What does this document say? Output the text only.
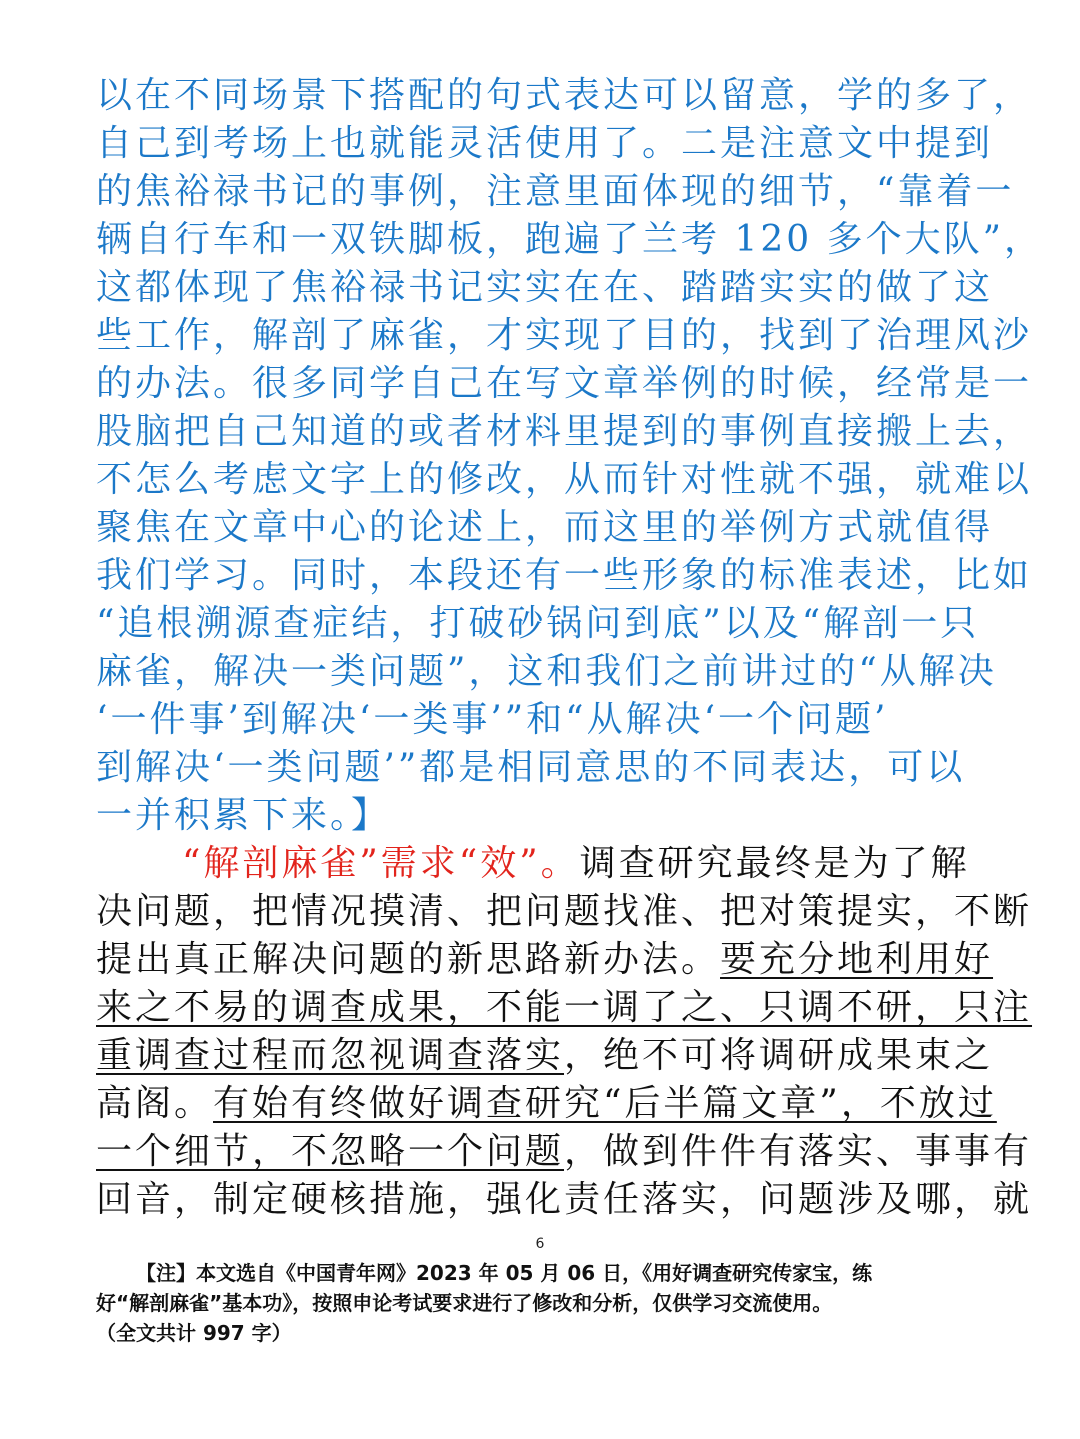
以在不同场景下搭配的句式表达可以留意，学的多了，
自己到考场上也就能灵活使用了。二是注意文中提到
的焦裕禄书记的事例，注意里面体现的细节，“靠着一
辆自行车和一双铁脚板，跑遍了兰考 120 多个大队”，
这都体现了焦裕禄书记实实在在、踏踏实实的做了这
些工作，解剖了麻雀，才实现了目的，找到了治理风沙
的办法。很多同学自己在写文章举例的时候，经常是一
股脑把自己知道的或者材料里提到的事例直接搬上去，
不怎么考虑文字上的修改，从而针对性就不强，就难以
聚焦在文章中心的论述上，而这里的举例方式就值得
我们学习。同时，本段还有一些形象的标准表述，比如
“追根溯源查症结，打破砂锅问到底”以及“解剖一只
麻雀，解决一类问题”，这和我们之前讲过的“从解决
‘一件事’到解决‘一类事’”和“从解决‘一个问题’
到解决‘一类问题’”都是相同意思的不同表达，可以
一并积累下来。】
“解剖麻雀”需求“效”。调查研究最终是为了解
决问题，把情况摸清、把问题找准、把对策提实，不断
提出真正解决问题的新思路新办法。要充分地利用好
来之不易的调查成果，不能一调了之、只调不研，只注
重调查过程而忽视调查落实，绝不可将调研成果束之
高阁。有始有终做好调查研究“后半篇文章”，不放过
一个细节，不忽略一个问题，做到件件有落实、事事有
回音，制定硬核措施，强化责任落实，问题涉及哪，就
6
【注】本文选自《中国青年网》2023 年 05 月 06 日，《用好调查研究传家宝，练
好“解剖麻雀”基本功》，按照申论考试要求进行了修改和分析，仅供学习交流使用。
（全文共计 997 字）
